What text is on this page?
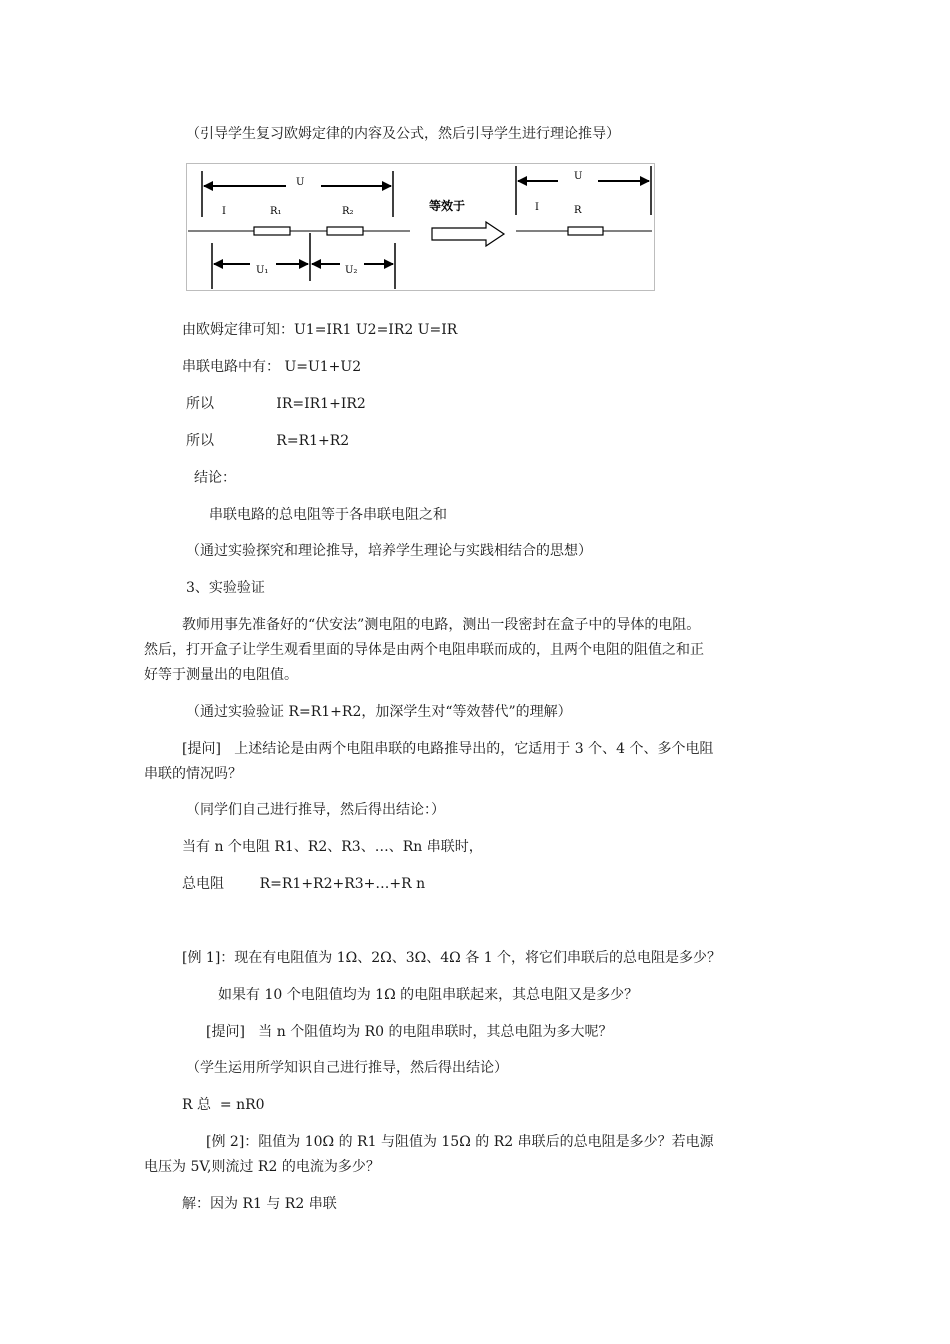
（引导学生复习欧姆定律的内容及公式，然后引导学生进行理论推导）
U
I	R₁	R₂
U₁	U₂
等效于
U
I	R
由欧姆定律可知：U1=IR1 U2=IR2 U=IR
串联电路中有： U=U1+U2
所以              IR=IR1+IR2
所以              R=R1+R2
结论：
串联电路的总电阻等于各串联电阻之和
（通过实验探究和理论推导，培养学生理论与实践相结合的思想）
3、实验验证
教师用事先准备好的“伏安法”测电阻的电路，测出一段密封在盒子中的导体的电阻。
然后，打开盒子让学生观看里面的导体是由两个电阻串联而成的，且两个电阻的阻值之和正
好等于测量出的电阻值。
（通过实验验证 R=R1+R2，加深学生对“等效替代”的理解）
[提问]   上述结论是由两个电阻串联的电路推导出的，它适用于 3 个、4 个、多个电阻
串联的情况吗？
（同学们自己进行推导，然后得出结论：）
当有 n 个电阻 R1、R2、R3、…、Rn 串联时，
总电阻        R=R1+R2+R3+…+R n
[例 1]：现在有电阻值为 1Ω、2Ω、3Ω、4Ω 各 1 个，将它们串联后的总电阻是多少？
如果有 10 个电阻值均为 1Ω 的电阻串联起来，其总电阻又是多少？
[提问]   当 n 个阻值均为 R0 的电阻串联时，其总电阻为多大呢？
（学生运用所学知识自己进行推导，然后得出结论）
R 总  = nR0
[例 2]：阻值为 10Ω 的 R1 与阻值为 15Ω 的 R2 串联后的总电阻是多少？若电源
电压为 5V,则流过 R2 的电流为多少？
解：因为 R1 与 R2 串联
